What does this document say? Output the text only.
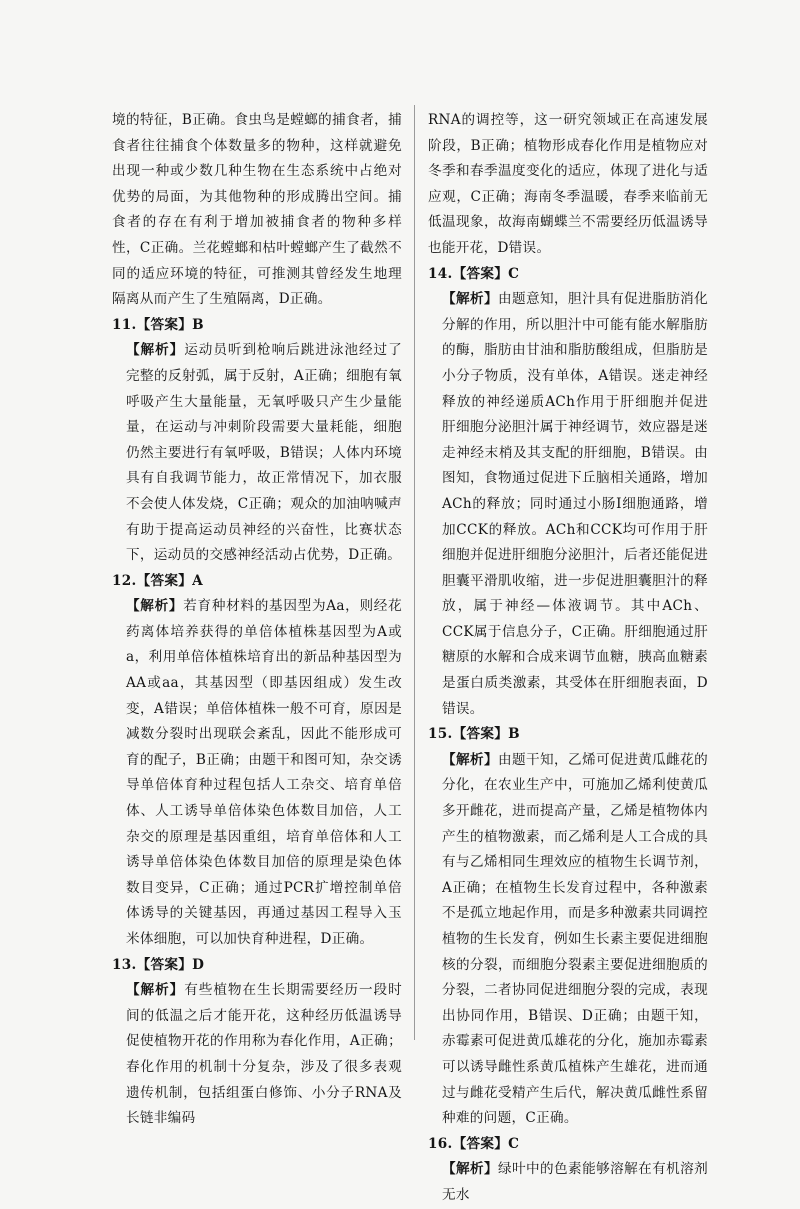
境的特征，B正确。食虫鸟是螳螂的捕食者，捕食者往往捕食个体数量多的物种，这样就避免出现一种或少数几种生物在生态系统中占绝对优势的局面，为其他物种的形成腾出空间。捕食者的存在有利于增加被捕食者的物种多样性，C正确。兰花螳螂和枯叶螳螂产生了截然不同的适应环境的特征，可推测其曾经发生地理隔离从而产生了生殖隔离，D正确。

11.【答案】B

【解析】运动员听到枪响后跳进泳池经过了完整的反射弧，属于反射，A正确；细胞有氧呼吸产生大量能量，无氧呼吸只产生少量能量，在运动与冲刺阶段需要大量耗能，细胞仍然主要进行有氧呼吸，B错误；人体内环境具有自我调节能力，故正常情况下，加衣服不会使人体发烧，C正确；观众的加油呐喊声有助于提高运动员神经的兴奋性，比赛状态下，运动员的交感神经活动占优势，D正确。

12.【答案】A

【解析】若育种材料的基因型为Aa，则经花药离体培养获得的单倍体植株基因型为A或a，利用单倍体植株培育出的新品种基因型为AA或aa，其基因型（即基因组成）发生改变，A错误；单倍体植株一般不可育，原因是减数分裂时出现联会紊乱，因此不能形成可育的配子，B正确；由题干和图可知，杂交诱导单倍体育种过程包括人工杂交、培育单倍体、人工诱导单倍体染色体数目加倍，人工杂交的原理是基因重组，培育单倍体和人工诱导单倍体染色体数目加倍的原理是染色体数目变异，C正确；通过PCR扩增控制单倍体诱导的关键基因，再通过基因工程导入玉米体细胞，可以加快育种进程，D正确。

13.【答案】D

【解析】有些植物在生长期需要经历一段时间的低温之后才能开花，这种经历低温诱导促使植物开花的作用称为春化作用，A正确；春化作用的机制十分复杂，涉及了很多表观遗传机制，包括组蛋白修饰、小分子RNA及长链非编码

RNA的调控等，这一研究领域正在高速发展阶段，B正确；植物形成春化作用是植物应对冬季和春季温度变化的适应，体现了进化与适应观，C正确；海南冬季温暖，春季来临前无低温现象，故海南蝴蝶兰不需要经历低温诱导也能开花，D错误。

14.【答案】C

【解析】由题意知，胆汁具有促进脂肪消化分解的作用，所以胆汁中可能有能水解脂肪的酶，脂肪由甘油和脂肪酸组成，但脂肪是小分子物质，没有单体，A错误。迷走神经释放的神经递质ACh作用于肝细胞并促进肝细胞分泌胆汁属于神经调节，效应器是迷走神经末梢及其支配的肝细胞，B错误。由图知，食物通过促进下丘脑相关通路，增加ACh的释放；同时通过小肠Ⅰ细胞通路，增加CCK的释放。ACh和CCK均可作用于肝细胞并促进肝细胞分泌胆汁，后者还能促进胆囊平滑肌收缩，进一步促进胆囊胆汁的释放，属于神经—体液调节。其中ACh、CCK属于信息分子，C正确。肝细胞通过肝糖原的水解和合成来调节血糖，胰高血糖素是蛋白质类激素，其受体在肝细胞表面，D错误。

15.【答案】B

【解析】由题干知，乙烯可促进黄瓜雌花的分化，在农业生产中，可施加乙烯利使黄瓜多开雌花，进而提高产量，乙烯是植物体内产生的植物激素，而乙烯利是人工合成的具有与乙烯相同生理效应的植物生长调节剂，A正确；在植物生长发育过程中，各种激素不是孤立地起作用，而是多种激素共同调控植物的生长发育，例如生长素主要促进细胞核的分裂，而细胞分裂素主要促进细胞质的分裂，二者协同促进细胞分裂的完成，表现出协同作用，B错误、D正确；由题干知，赤霉素可促进黄瓜雄花的分化，施加赤霉素可以诱导雌性系黄瓜植株产生雄花，进而通过与雌花受精产生后代，解决黄瓜雌性系留种难的问题，C正确。

16.【答案】C

【解析】绿叶中的色素能够溶解在有机溶剂无水
